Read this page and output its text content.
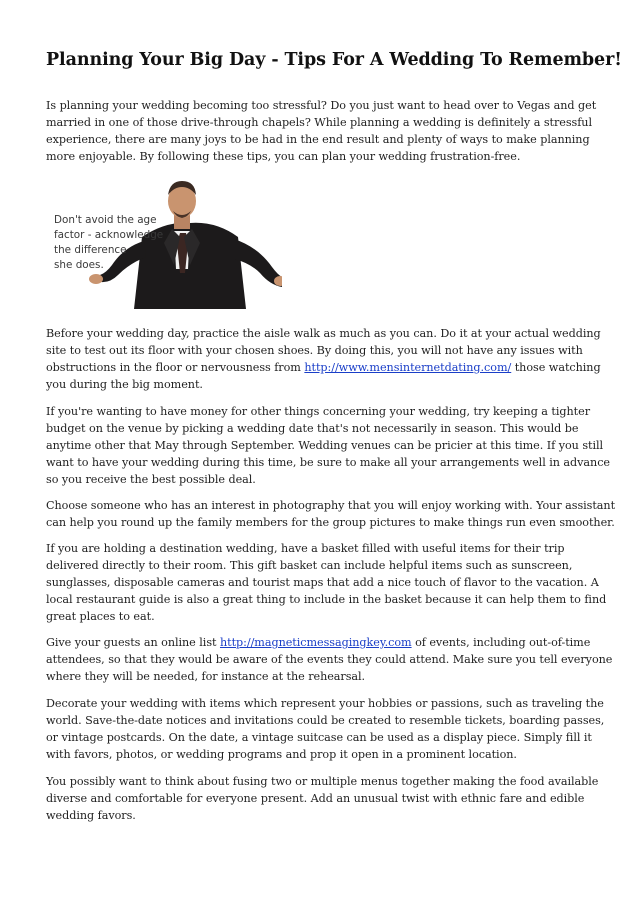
Planning Your Big Day - Tips For A Wedding To Remember!

Is planning your wedding becoming too stressful? Do you just want to head over to Vegas and get
married in one of those drive-through chapels? While planning a wedding is definitely a stressful
experience, there are many joys to be had in the end result and plenty of ways to make planning
more enjoyable. By following these tips, you can plan your wedding frustration-free.

Don't avoid the age
factor - acknowledge
the difference
she does.

Before your wedding day, practice the aisle walk as much as you can. Do it at your actual wedding
site to test out its floor with your chosen shoes. By doing this, you will not have any issues with
obstructions in the floor or nervousness from http://www.mensinternetdating.com/ those watching
you during the big moment.

If you're wanting to have money for other things concerning your wedding, try keeping a tighter
budget on the venue by picking a wedding date that's not necessarily in season. This would be
anytime other that May through September. Wedding venues can be pricier at this time. If you still
want to have your wedding during this time, be sure to make all your arrangements well in advance
so you receive the best possible deal.

Choose someone who has an interest in photography that you will enjoy working with. Your assistant
can help you round up the family members for the group pictures to make things run even smoother.

If you are holding a destination wedding, have a basket filled with useful items for their trip
delivered directly to their room. This gift basket can include helpful items such as sunscreen,
sunglasses, disposable cameras and tourist maps that add a nice touch of flavor to the vacation. A
local restaurant guide is also a great thing to include in the basket because it can help them to find
great places to eat.

Give your guests an online list http://magneticmessagingkey.com of events, including out-of-time
attendees, so that they would be aware of the events they could attend. Make sure you tell everyone
where they will be needed, for instance at the rehearsal.

Decorate your wedding with items which represent your hobbies or passions, such as traveling the
world. Save-the-date notices and invitations could be created to resemble tickets, boarding passes,
or vintage postcards. On the date, a vintage suitcase can be used as a display piece. Simply fill it
with favors, photos, or wedding programs and prop it open in a prominent location.

You possibly want to think about fusing two or multiple menus together making the food available
diverse and comfortable for everyone present. Add an unusual twist with ethnic fare and edible
wedding favors.
